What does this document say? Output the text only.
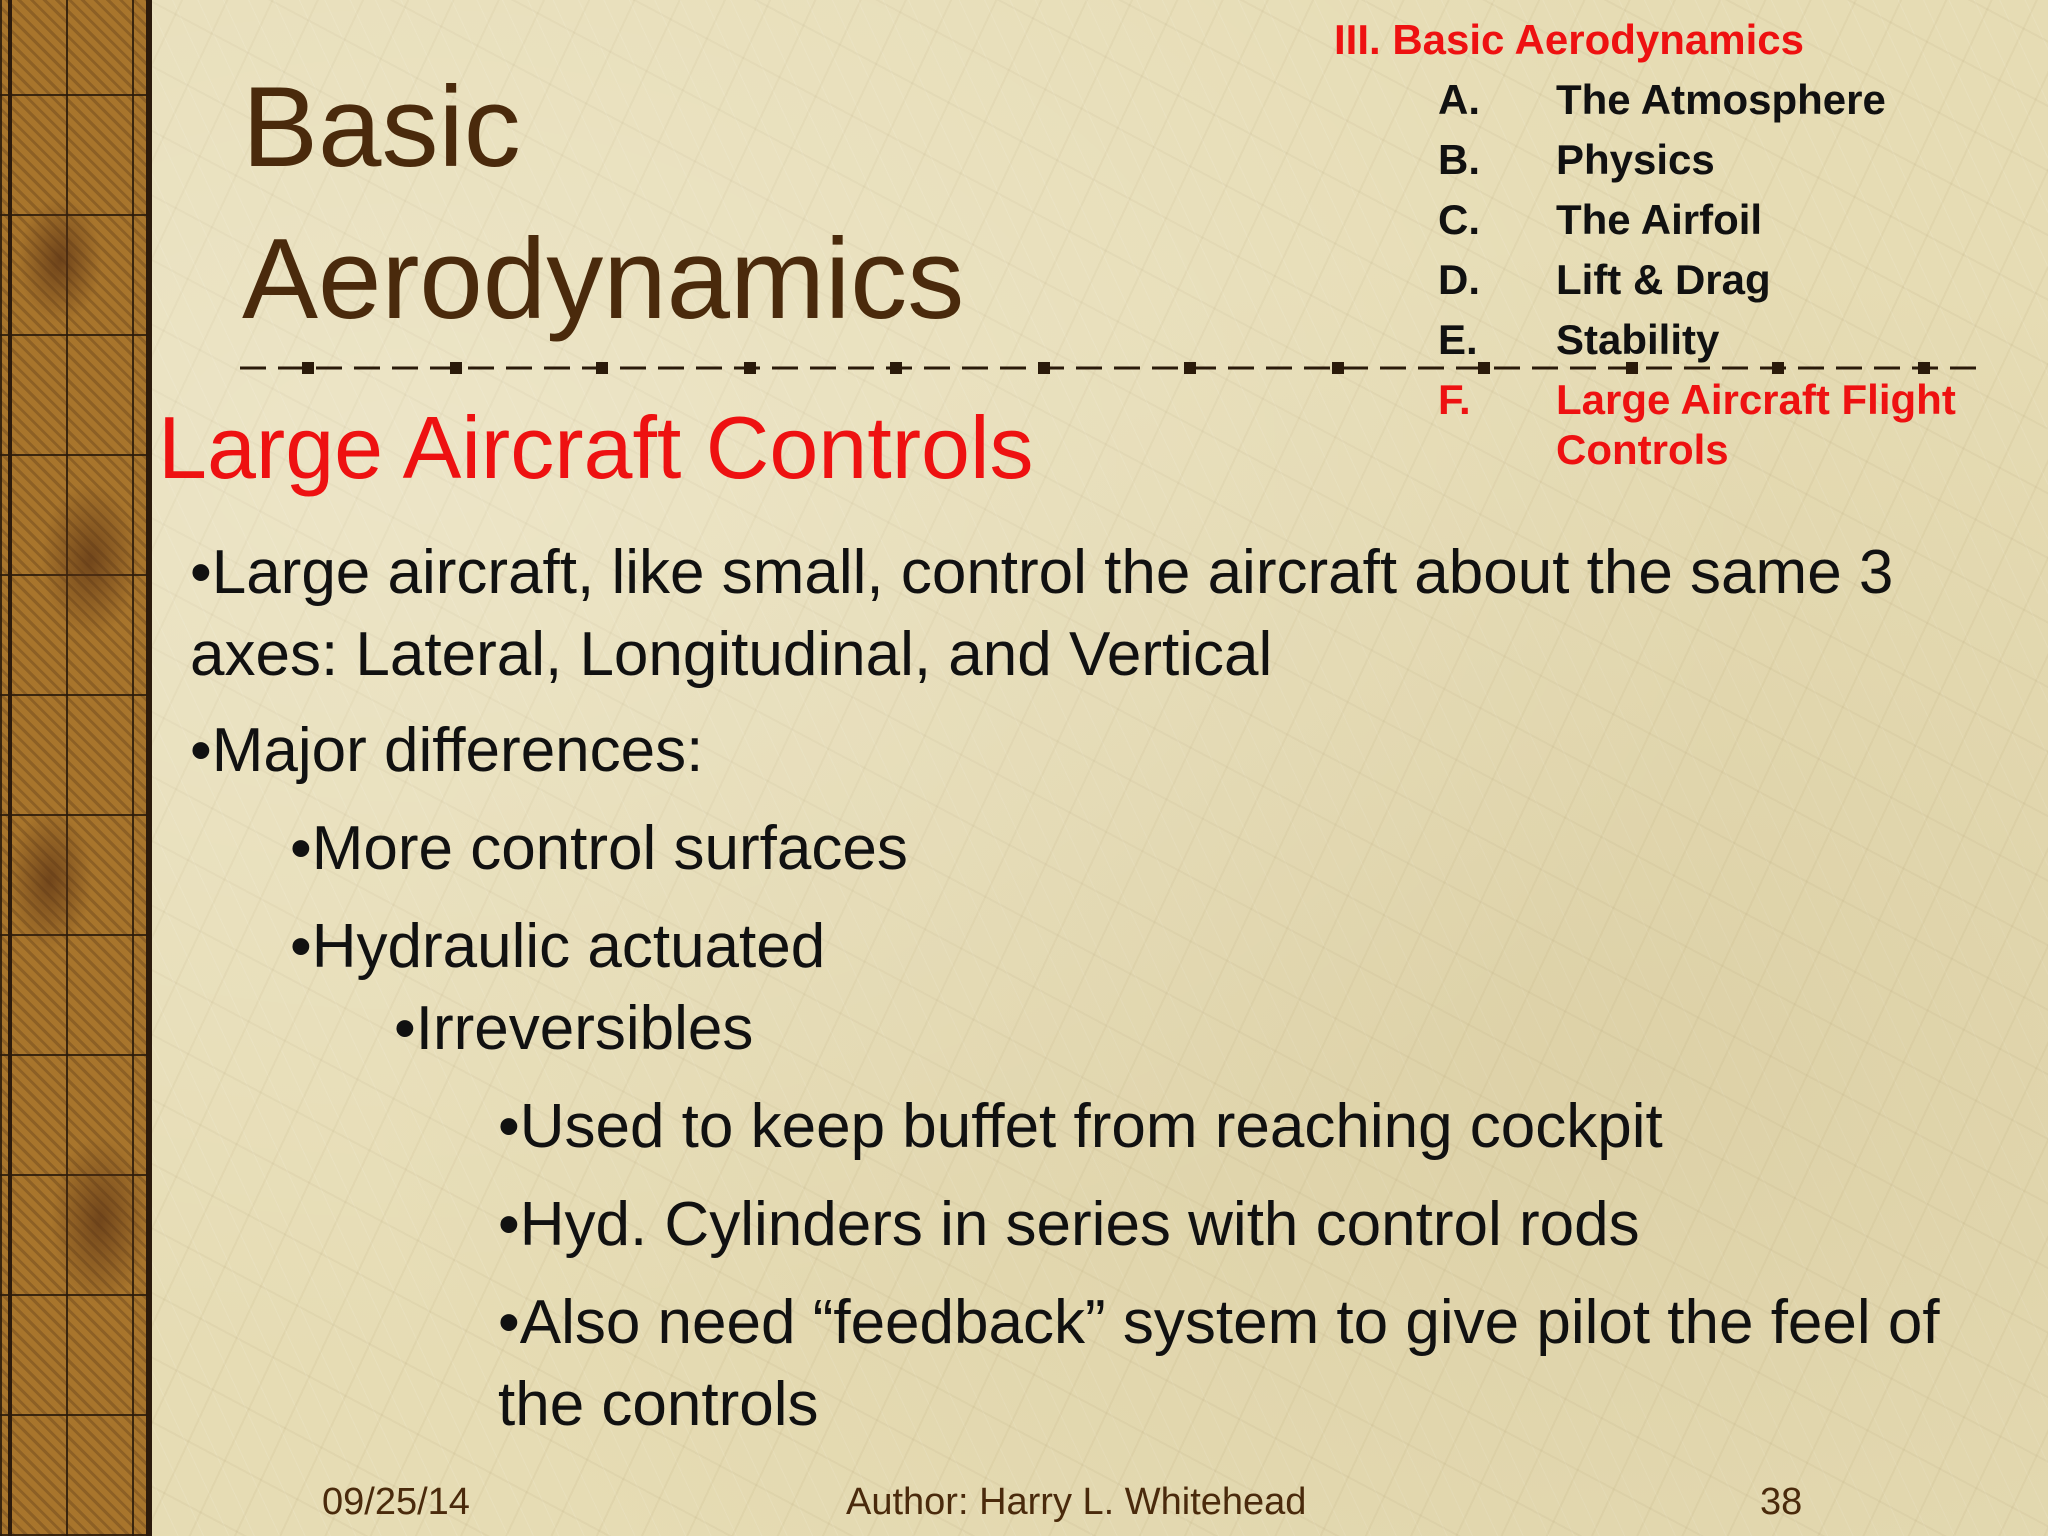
Basic
Aerodynamics
Large Aircraft Controls
III. Basic Aerodynamics
A. The Atmosphere
B. Physics
C. The Airfoil
D. Lift & Drag
E. Stability
F. Large Aircraft Flight Controls
• Large aircraft, like small, control the aircraft about the same 3 axes: Lateral, Longitudinal, and Vertical
• Major differences:
• More control surfaces
• Hydraulic actuated
• Irreversibles
• Used to keep buffet from reaching cockpit
• Hyd. Cylinders in series with control rods
• Also need “feedback” system to give pilot the feel of the controls
09/25/14	Author: Harry L. Whitehead	38
